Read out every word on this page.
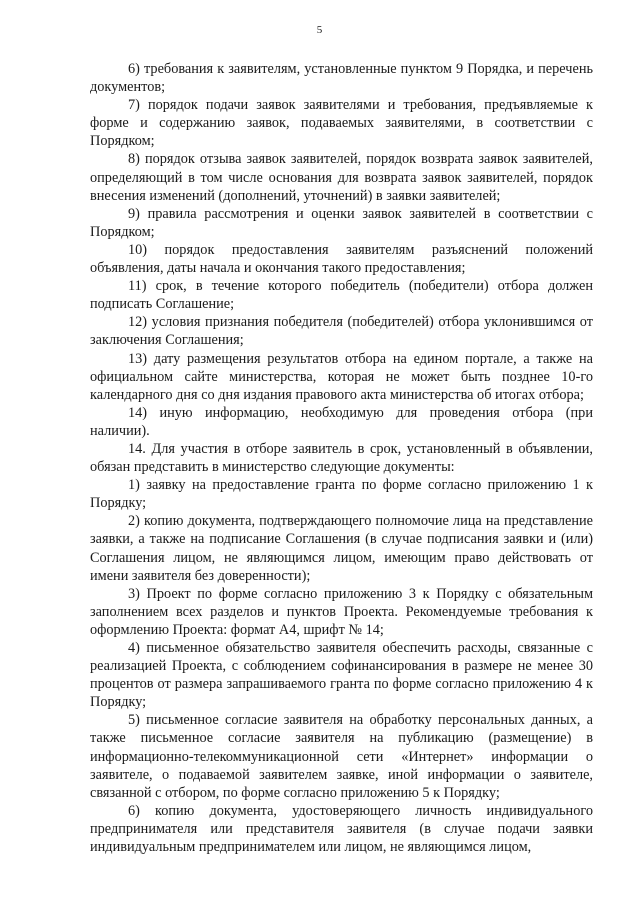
5

6) требования к заявителям, установленные пунктом 9 Порядка, и перечень документов;

7) порядок подачи заявок заявителями и требования, предъявляемые к форме и содержанию заявок, подаваемых заявителями, в соответствии с Порядком;

8) порядок отзыва заявок заявителей, порядок возврата заявок заявителей, определяющий в том числе основания для возврата заявок заявителей, порядок внесения изменений (дополнений, уточнений) в заявки заявителей;

9) правила рассмотрения и оценки заявок заявителей в соответствии с Порядком;

10) порядок предоставления заявителям разъяснений положений объявления, даты начала и окончания такого предоставления;

11) срок, в течение которого победитель (победители) отбора должен подписать Соглашение;

12) условия признания победителя (победителей) отбора уклонившимся от заключения Соглашения;

13) дату размещения результатов отбора на едином портале, а также на официальном сайте министерства, которая не может быть позднее 10-го календарного дня со дня издания правового акта министерства об итогах отбора;

14) иную информацию, необходимую для проведения отбора (при наличии).

14. Для участия в отборе заявитель в срок, установленный в объявлении, обязан представить в министерство следующие документы:

1) заявку на предоставление гранта по форме согласно приложению 1 к Порядку;

2) копию документа, подтверждающего полномочие лица на представление заявки, а также на подписание Соглашения (в случае подписания заявки и (или) Соглашения лицом, не являющимся лицом, имеющим право действовать от имени заявителя без доверенности);

3) Проект по форме согласно приложению 3 к Порядку с обязательным заполнением всех разделов и пунктов Проекта. Рекомендуемые требования к оформлению Проекта: формат А4, шрифт № 14;

4) письменное обязательство заявителя обеспечить расходы, связанные с реализацией Проекта, с соблюдением софинансирования в размере не менее 30 процентов от размера запрашиваемого гранта по форме согласно приложению 4 к Порядку;

5) письменное согласие заявителя на обработку персональных данных, а также письменное согласие заявителя на публикацию (размещение) в информационно-телекоммуникационной сети «Интернет» информации о заявителе, о подаваемой заявителем заявке, иной информации о заявителе, связанной с отбором, по форме согласно приложению 5 к Порядку;

6) копию документа, удостоверяющего личность индивидуального предпринимателя или представителя заявителя (в случае подачи заявки индивидуальным предпринимателем или лицом, не являющимся лицом,
